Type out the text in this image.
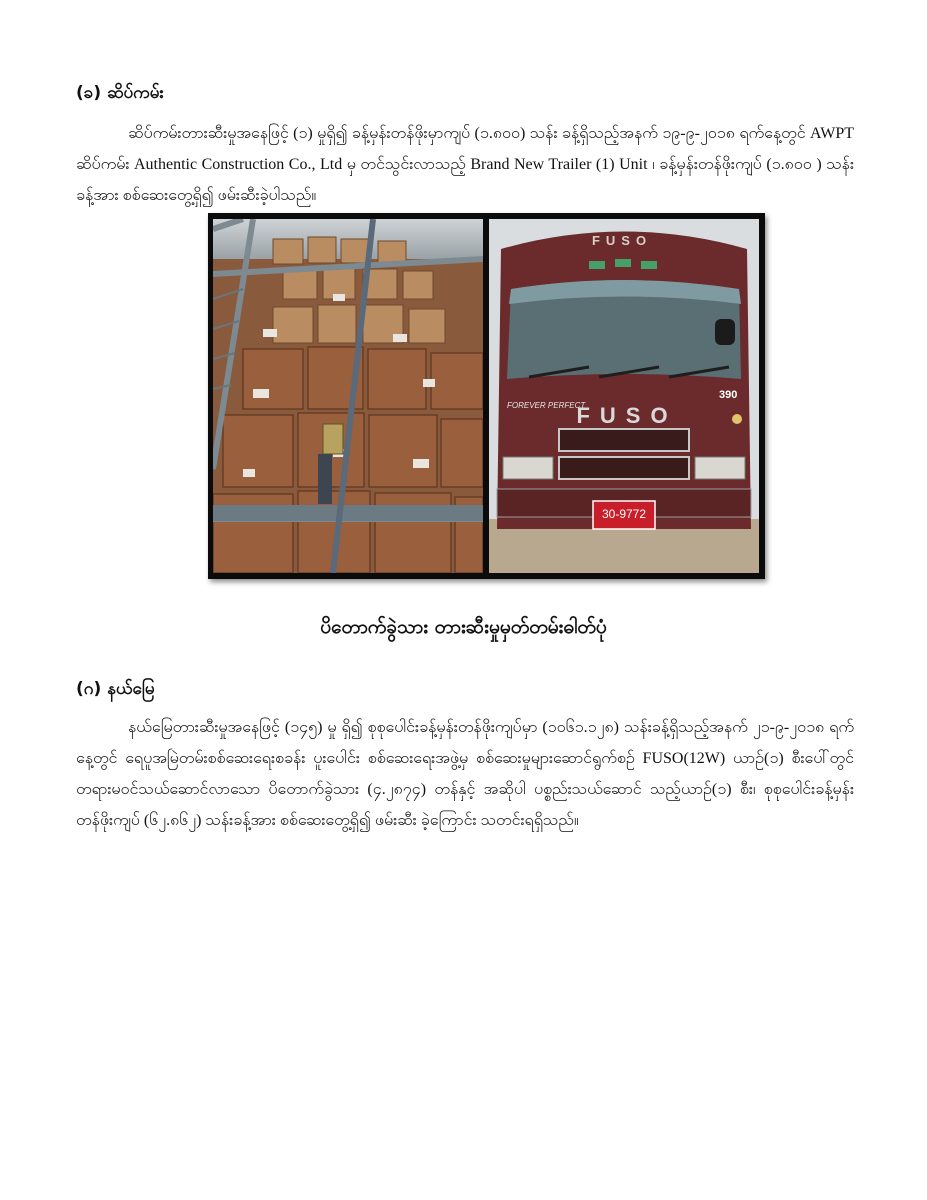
(ခ) ဆိပ်ကမ်း
ဆိပ်ကမ်းတားဆီးမှုအနေဖြင့် (၁) မှုရှိ၍ ခန့်မှန်းတန်ဖိုးမှာကျပ် (၁.၈၀၀) သန်း ခန့်ရှိသည့်အနက် ၁၉-၉-၂၀၁၈ ရက်နေ့တွင် AWPT ဆိပ်ကမ်း Authentic Construction Co., Ltd မှ တင်သွင်းလာသည့် Brand New Trailer (1) Unit ၊ ခန့်မှန်းတန်ဖိုးကျပ် (၁.၈၀၀ ) သန်းခန့်အား စစ်ဆေးတွေ့ရှိ၍ ဖမ်းဆီးခဲ့ပါသည်။
FUSO
FUSO
390
FOREVER PERFECT
30-9772
ပိတောက်ခွဲသား တားဆီးမှုမှတ်တမ်းဓါတ်ပုံ
(ဂ) နယ်မြေ
နယ်မြေတားဆီးမှုအနေဖြင့် (၁၄၅) မှု ရှိ၍ စုစုပေါင်းခန့်မှန်းတန်ဖိုးကျပ်မှာ (၁၀၆၁.၁၂၈) သန်းခန့်ရှိသည့်အနက် ၂၁-၉-၂၀၁၈ ရက်နေ့တွင် ရေပူအမြဲတမ်းစစ်ဆေးရေးစခန်း ပူးပေါင်း စစ်ဆေးရေးအဖွဲ့မှ စစ်ဆေးမှုများဆောင်ရွက်စဉ် FUSO(12W) ယာဉ်(၁) စီးပေါ်တွင် တရားမဝင်သယ်ဆောင်လာသော ပိတောက်ခွဲသား (၄.၂၈၇၄) တန်နှင့် အဆိုပါ ပစ္စည်းသယ်ဆောင် သည့်ယာဉ်(၁) စီး၊ စုစုပေါင်းခန့်မှန်းတန်ဖိုးကျပ် (၆၂.၈၆၂) သန်းခန့်အား စစ်ဆေးတွေ့ရှိ၍ ဖမ်းဆီး ခဲ့ကြောင်း သတင်းရရှိသည်။
